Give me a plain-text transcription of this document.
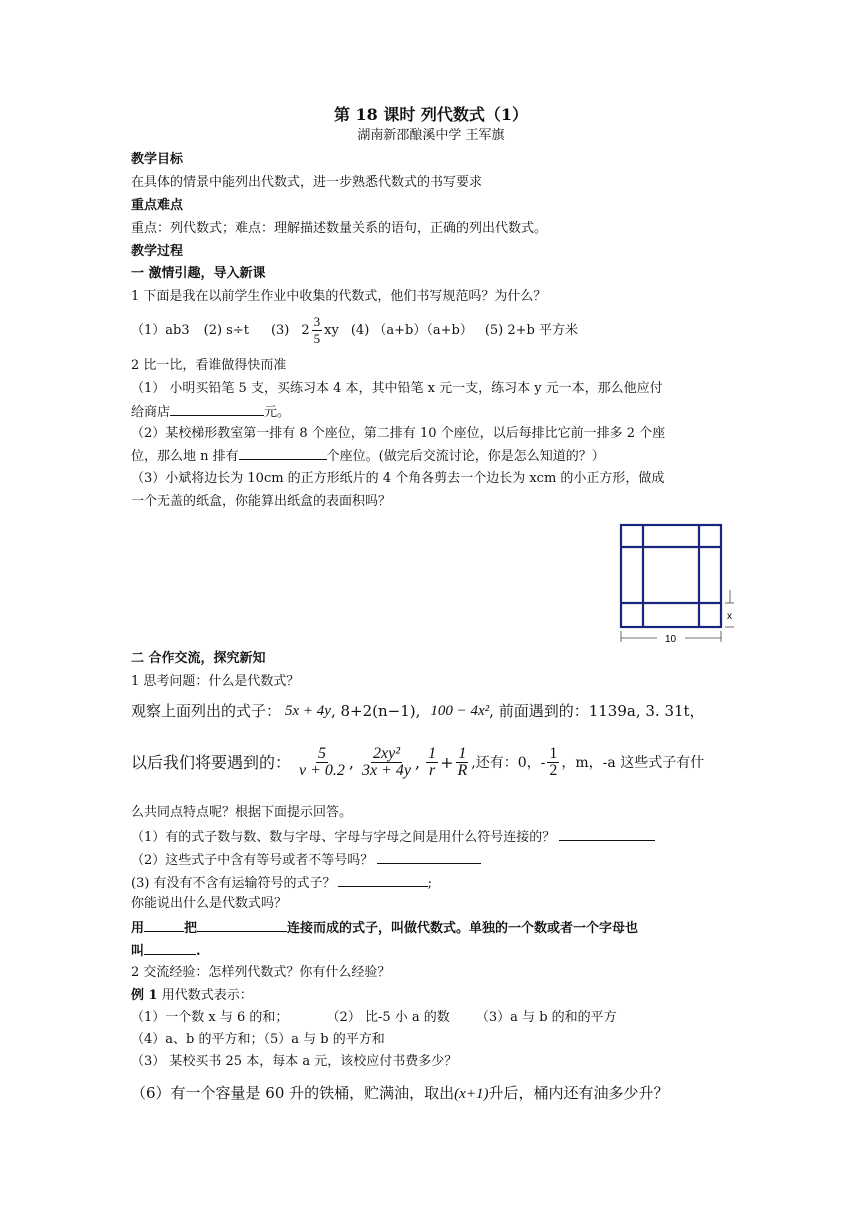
第 18 课时 列代数式（1）
湖南新邵酿溪中学 王军旗
教学目标
在具体的情景中能列出代数式，进一步熟悉代数式的书写要求
重点难点
重点：列代数式；难点：理解描述数量关系的语句，正确的列出代数式。
教学过程
一 激情引趣，导入新课
1 下面是我在以前学生作业中收集的代数式，他们书写规范吗？为什么？
（1）ab3 (2) s÷t (3) $2 \frac{3}{5}$ xy (4) （a+b）（a+b） (5) 2+b 平方米
2 比一比，看谁做得快而准
（1） 小明买铅笔 5 支，买练习本 4 本，其中铅笔 x 元一支，练习本 y 元一本，那么他应付
给商店	元。
（2）某校梯形教室第一排有 8 个座位，第二排有 10 个座位，以后每排比它前一排多 2 个座
位，那么地 n 排有	个座位。(做完后交流讨论，你是怎么知道的？）
（3）小斌将边长为 10cm 的正方形纸片的 4 个角各剪去一个边长为 xcm 的小正方形，做成
一个无盖的纸盒，你能算出纸盒的表面积吗？
x
10
二 合作交流，探究新知
1 思考问题：什么是代数式？
观察上面列出的式子： 5x + 4y , 8+2(n−1), 100 − 4x² , 前面遇到的：1139a, 3. 31t，
以后我们将要遇到的： $\frac{5}{v + 0.2}$ , $\frac{\text{2xy²}}{3x + 4y}$ , $\frac{1}{r} + \frac{1}{R}$ ,还有：0，- $\frac{1}{2}$ ，m，-a 这些式子有什
么共同点特点呢？根据下面提示回答。
（1）有的式子数与数、数与字母、字母与字母之间是用什么符号连接的？
（2）这些式子中含有等号或者不等号吗？
(3) 有没有不含有运输符号的式子？	;
你能说出什么是代数式吗？
用	把	连接而成的式子，叫做代数式。单独的一个数或者一个字母也
叫	.
2 交流经验：怎样列代数式？你有什么经验？
例 1 用代数式表示：
（1）一个数 x 与 6 的和；	（2） 比-5 小 a 的数 （3）a 与 b 的和的平方
（4）a、b 的平方和；（5）a 与 b 的平方和
（3） 某校买书 25 本，每本 a 元，该校应付书费多少？
（6）有一个容量是 60 升的铁桶，贮满油，取出(x+1)升后，桶内还有油多少升？
